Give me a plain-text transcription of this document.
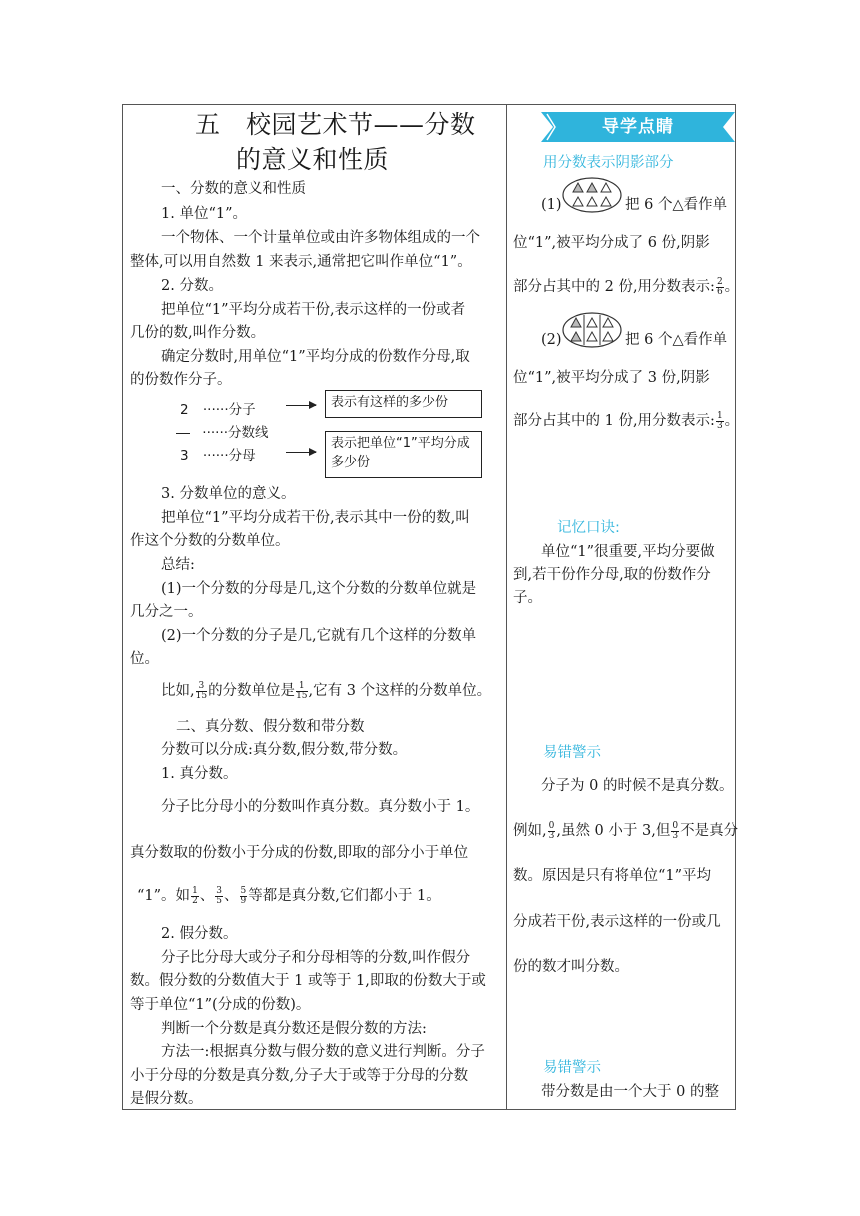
五　校园艺术节——分数
的意义和性质
一、分数的意义和性质
1. 单位“1”。
一个物体、一个计量单位或由许多物体组成的一个
整体,可以用自然数 1 来表示,通常把它叫作单位“1”。
2. 分数。
把单位“1”平均分成若干份,表示这样的一份或者
几份的数,叫作分数。
确定分数时,用单位“1”平均分成的份数作分母,取
的份数作分子。
2 ······分子	表示有这样的多少份
······分数线
3 ······分母
表示把单位“1”平均分成多少份
3. 分数单位的意义。
把单位“1”平均分成若干份,表示其中一份的数,叫
作这个分数的分数单位。
总结:
(1)一个分数的分母是几,这个分数的分数单位就是
几分之一。
(2)一个分数的分子是几,它就有几个这样的分数单
位。
比如, $\frac{3}{15}$ 的分数单位是 $\frac{1}{15}$ ,它有 3 个这样的分数单位。
二、真分数、假分数和带分数
分数可以分成:真分数,假分数,带分数。
1. 真分数。
分子比分母小的分数叫作真分数。真分数小于 1。
真分数取的份数小于分成的份数,即取的部分小于单位
“1”。如 $\frac{1}{2}$ 、 $\frac{3}{5}$ 、 $\frac{5}{9}$ 等都是真分数,它们都小于 1。
2. 假分数。
分子比分母大或分子和分母相等的分数,叫作假分
数。假分数的分数值大于 1 或等于 1,即取的份数大于或
等于单位“1”(分成的份数)。
判断一个分数是真分数还是假分数的方法:
方法一:根据真分数与假分数的意义进行判断。分子
小于分母的分数是真分数,分子大于或等于分母的分数
是假分数。
导学点睛
用分数表示阴影部分
(1)	把 6 个△看作单
位“1”,被平均分成了 6 份,阴影
部分占其中的 2 份,用分数表示: $\frac{2}{6}$ 。
(2)	把 6 个△看作单
位“1”,被平均分成了 3 份,阴影
部分占其中的 1 份,用分数表示: $\frac{1}{3}$ 。
记忆口诀:
单位“1”很重要,平均分要做
到,若干份作分母,取的份数作分
子。
易错警示
分子为 0 的时候不是真分数。
例如, $\frac{0}{3}$ ,虽然 0 小于 3,但 $\frac{0}{3}$ 不是真分
数。原因是只有将单位“1”平均
分成若干份,表示这样的一份或几
份的数才叫分数。
易错警示
带分数是由一个大于 0 的整
